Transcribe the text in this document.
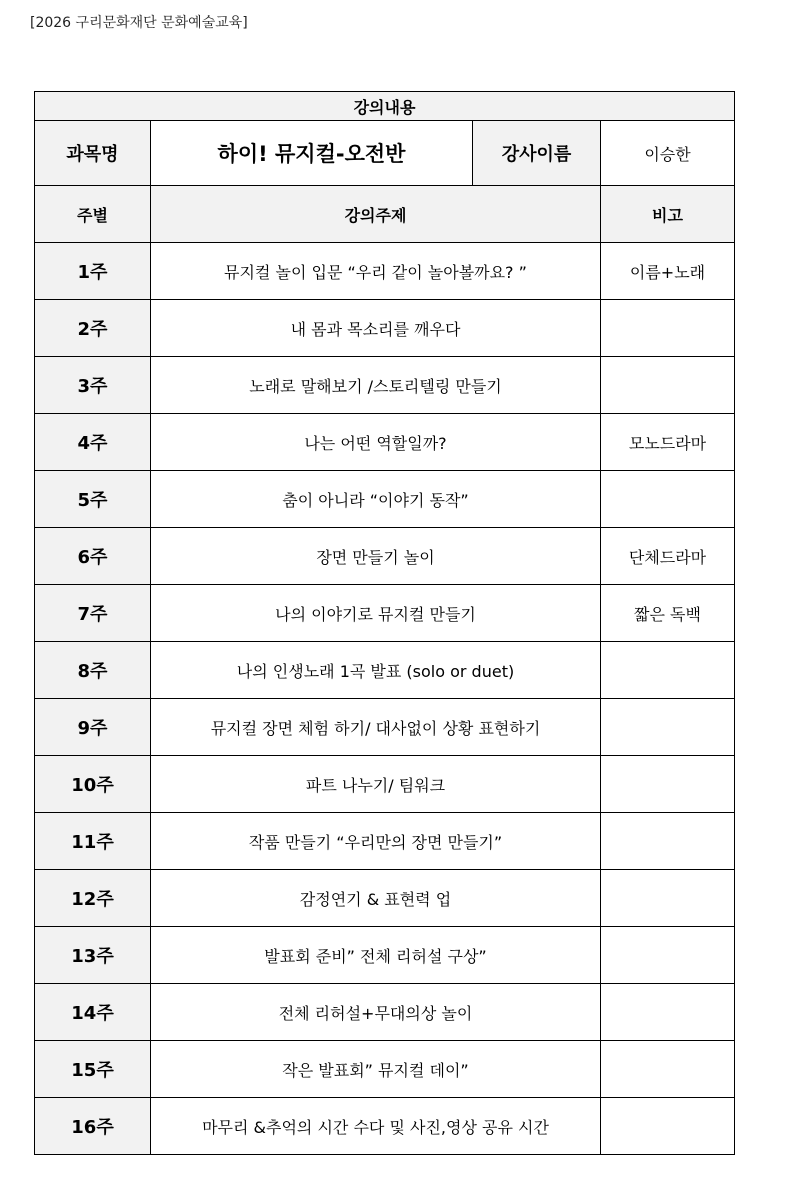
[2026 구리문화재단 문화예술교육]
강의내용			
과목명	하이! 뮤지컬-오전반	강사이름	이승한
주별	강의주제		비고
1주	뮤지컬 놀이 입문 “우리 같이 놀아볼까요? ”		이름+노래
2주	내 몸과 목소리를 깨우다		
3주	노래로 말해보기 /스토리텔링 만들기		
4주	나는 어떤 역할일까?		모노드라마
5주	춤이 아니라 “이야기 동작”		
6주	장면 만들기 놀이		단체드라마
7주	나의 이야기로 뮤지컬 만들기		짧은 독백
8주	나의 인생노래 1곡 발표 (solo or duet)		
9주	뮤지컬 장면 체험 하기/ 대사없이 상황 표현하기		
10주	파트 나누기/ 팀워크		
11주	작품 만들기 “우리만의 장면 만들기”		
12주	감정연기 & 표현력 업		
13주	발표회 준비” 전체 리허설 구상”		
14주	전체 리허설+무대의상 놀이		
15주	작은 발표회” 뮤지컬 데이”		
16주	마무리 &추억의 시간 수다 및 사진,영상 공유 시간		
